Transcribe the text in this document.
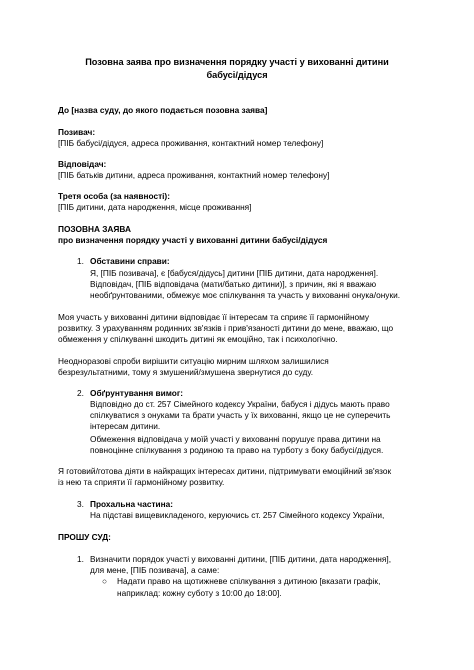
Позовна заява про визначення порядку участі у вихованні дитини
бабусі/дідуся
До [назва суду, до якого подається позовна заява]
Позивач:
[ПІБ бабусі/дідуся, адреса проживання, контактний номер телефону]
Відповідач:
[ПІБ батьків дитини, адреса проживання, контактний номер телефону]
Третя особа (за наявності):
[ПІБ дитини, дата народження, місце проживання]
ПОЗОВНА ЗАЯВА
про визначення порядку участі у вихованні дитини бабусі/дідуся
1. Обставини справи:
Я, [ПІБ позивача], є [бабуся/дідусь] дитини [ПІБ дитини, дата народження].
Відповідач, [ПІБ відповідача (мати/батько дитини)], з причин, які я вважаю
необґрунтованими, обмежує моє спілкування та участь у вихованні онука/онуки.
Моя участь у вихованні дитини відповідає її інтересам та сприяє її гармонійному
розвитку. З урахуванням родинних зв'язків і прив'язаності дитини до мене, вважаю, що
обмеження у спілкуванні шкодить дитині як емоційно, так і психологічно.
Неодноразові спроби вирішити ситуацію мирним шляхом залишилися
безрезультатними, тому я змушений/змушена звернутися до суду.
2. Обґрунтування вимог:
Відповідно до ст. 257 Сімейного кодексу України, бабуся і дідусь мають право
спілкуватися з онуками та брати участь у їх вихованні, якщо це не суперечить
інтересам дитини.
Обмеження відповідача у моїй участі у вихованні порушує права дитини на
повноцінне спілкування з родиною та право на турботу з боку бабусі/дідуся.
Я готовий/готова діяти в найкращих інтересах дитини, підтримувати емоційний зв'язок
із нею та сприяти її гармонійному розвитку.
3. Прохальна частина:
На підставі вищевикладеного, керуючись ст. 257 Сімейного кодексу України,
ПРОШУ СУД:
1. Визначити порядок участі у вихованні дитини, [ПІБ дитини, дата народження],
для мене, [ПІБ позивача], а саме:
○ Надати право на щотижневе спілкування з дитиною [вказати графік,
наприклад: кожну суботу з 10:00 до 18:00].
